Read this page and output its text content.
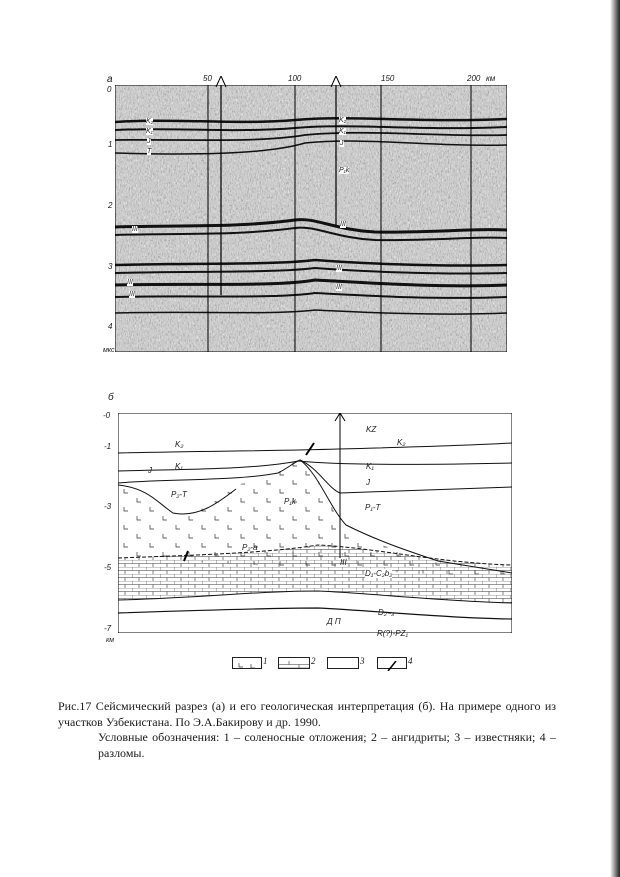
а	50	100	150	200 км
0
1
2
3
4
мкс
K₂
K₁
J
T
III
III
III
K₂
K₁
J
P₁k
III
III
III
б
-0
-1
-3
-5
-7
км
KZ
K₂	K₂
K₁	K₁
J
J
P₂-T
P₁k
P₁-T
P₂-a
III
D₁-C₂b₂
D₂₋₃
Д П
R(?)-PZ₁
1	2	3	4

Рис.17 Сейсмический разрез (а) и его геологическая интерпретация (б). На примере одного из участков Узбекистана. По Э.А.Бакирову и др. 1990.

Условные обозначения: 1 – соленосные отложения; 2 – ангидриты; 3 – известняки; 4 – разломы.
